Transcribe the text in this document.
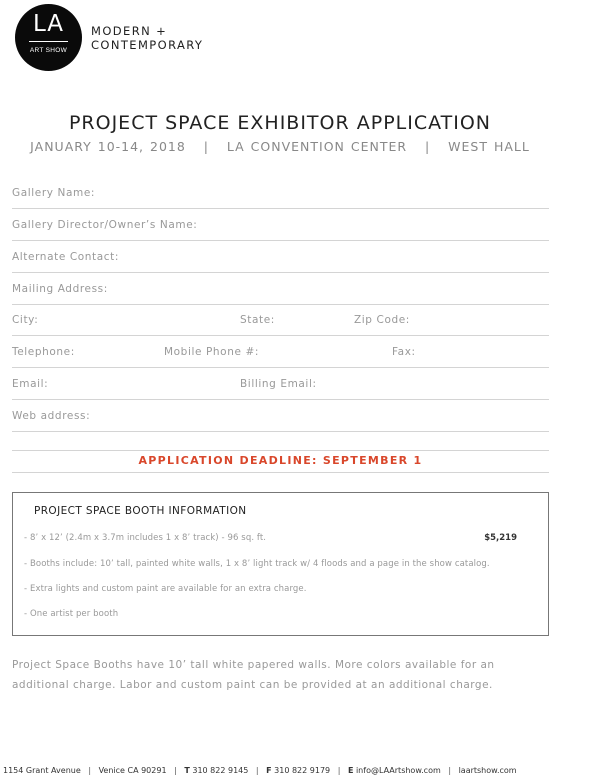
LA
ART SHOW
MODERN +
CONTEMPORARY
PROJECT SPACE EXHIBITOR APPLICATION
JANUARY 10-14, 2018 | LA CONVENTION CENTER | WEST HALL
Gallery Name:
Gallery Director/Owner’s Name:
Alternate Contact:
Mailing Address:
City:	State:	Zip Code:
Telephone:	Mobile Phone #:	Fax:
Email:	Billing Email:
Web address:
APPLICATION DEADLINE: SEPTEMBER 1
PROJECT SPACE BOOTH INFORMATION
- 8’ x 12’ (2.4m x 3.7m includes 1 x 8’ track) - 96 sq. ft.	$5,219
- Booths include: 10’ tall, painted white walls, 1 x 8’ light track w/ 4 floods and a page in the show catalog.
- Extra lights and custom paint are available for an extra charge.
- One artist per booth

Project Space Booths have 10’ tall white papered walls. More colors available for an additional charge. Labor and custom paint can be provided at an additional charge.

1154 Grant Avenue | Venice CA 90291 | T 310 822 9145 | F 310 822 9179 | E info@LAArtshow.com | laartshow.com
